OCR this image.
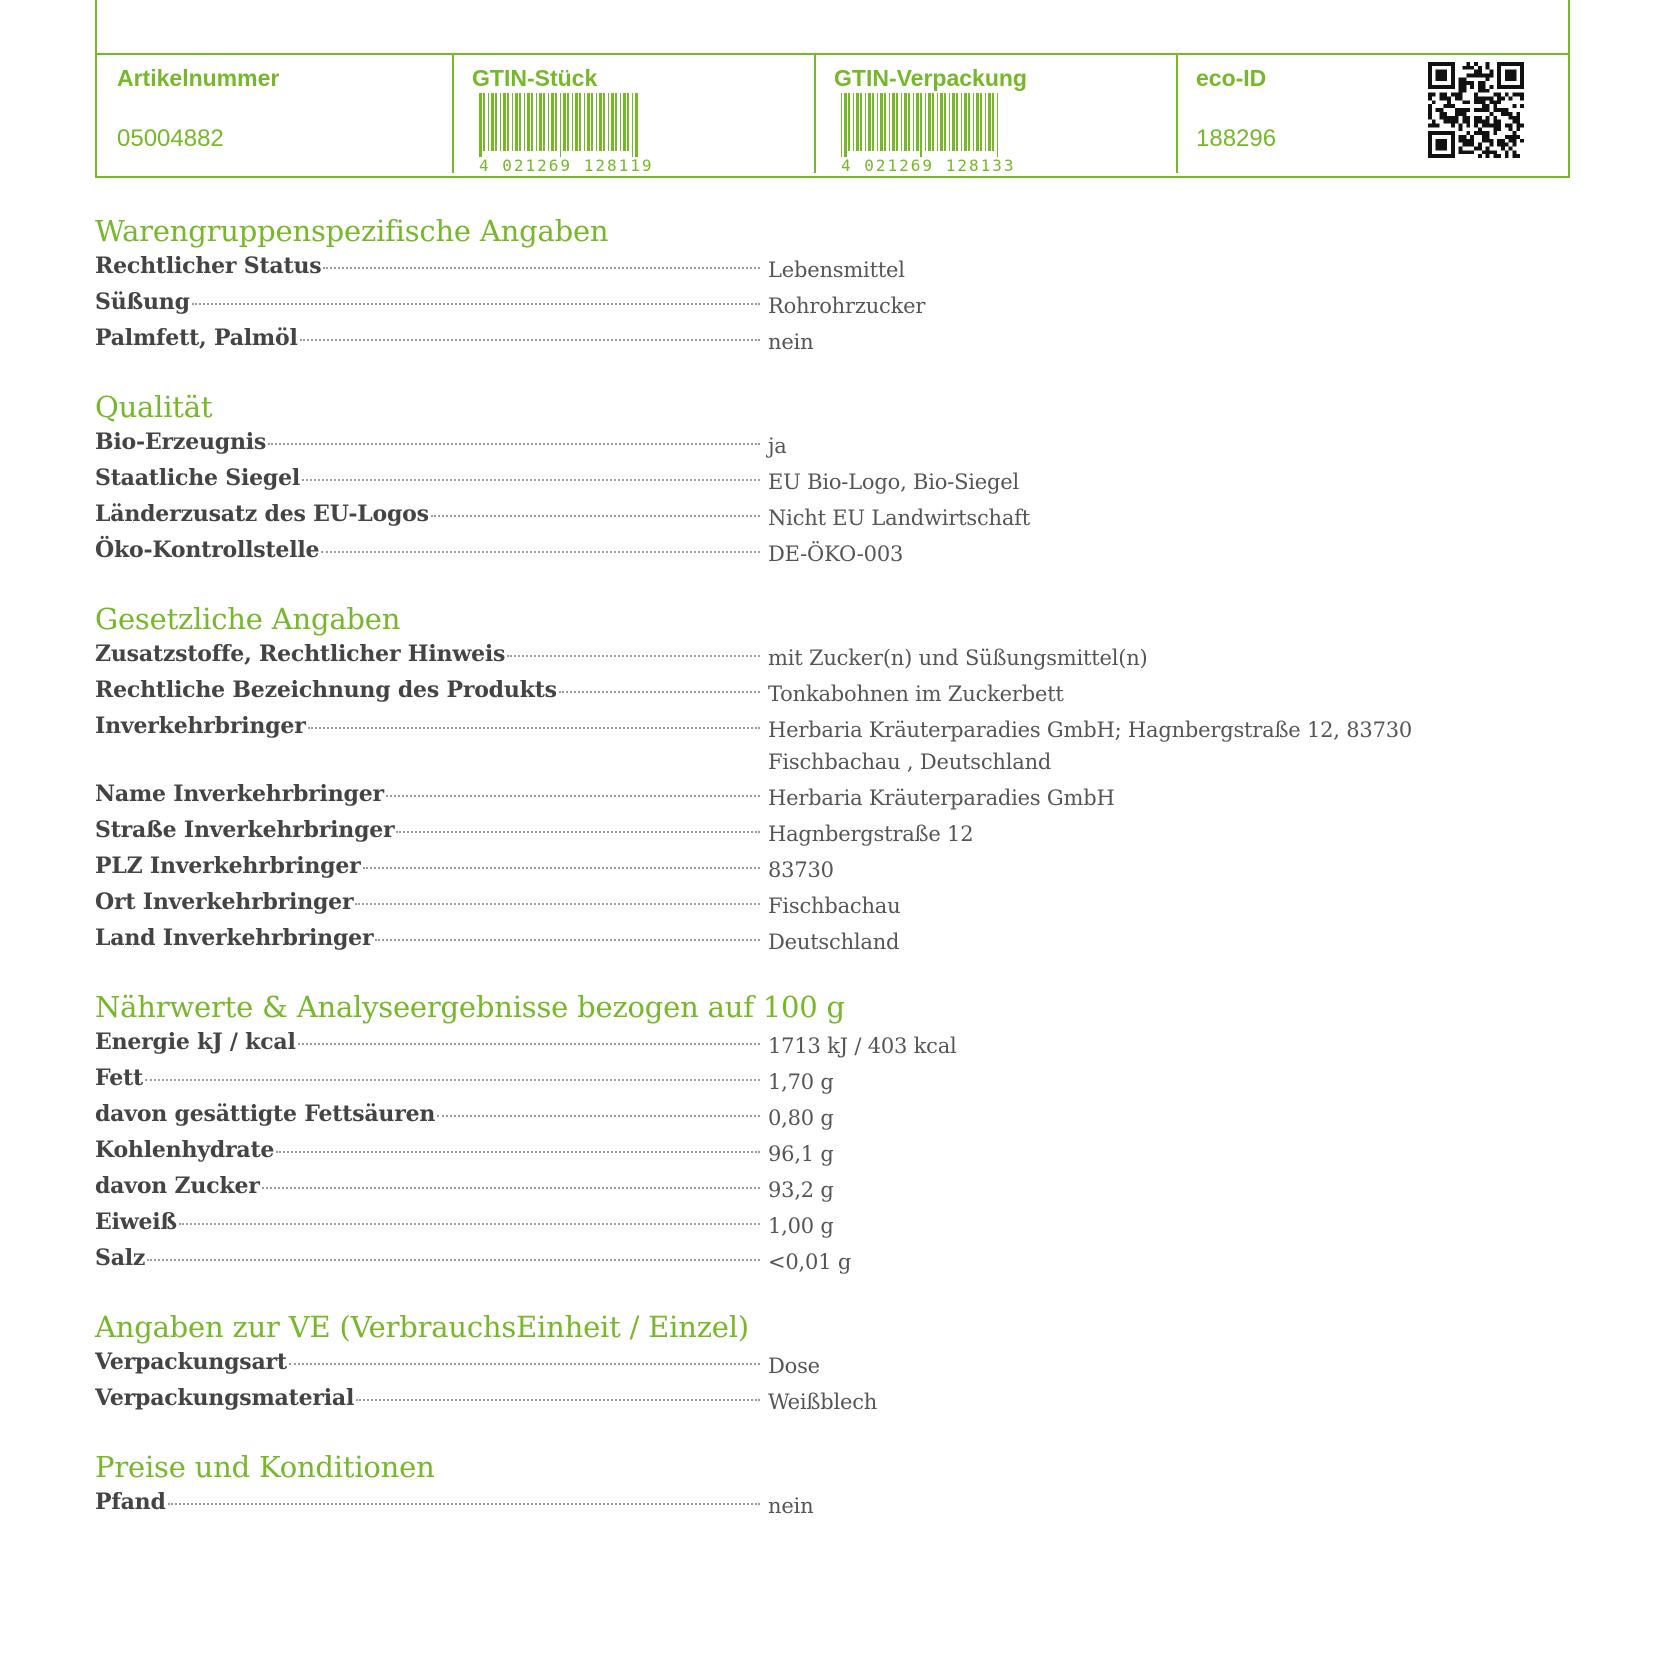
Artikelnummer
05004882
GTIN-Stück
4 021269 128119
GTIN-Verpackung
4 021269 128133
eco-ID
188296
Warengruppenspezifische Angaben
Rechtlicher Status	Lebensmittel
Süßung	Rohrohrzucker
Palmfett, Palmöl	nein
Qualität
Bio-Erzeugnis	ja
Staatliche Siegel	EU Bio-Logo, Bio-Siegel
Länderzusatz des EU-Logos	Nicht EU Landwirtschaft
Öko-Kontrollstelle	DE-ÖKO-003
Gesetzliche Angaben
Zusatzstoffe, Rechtlicher Hinweis	mit Zucker(n) und Süßungsmittel(n)
Rechtliche Bezeichnung des Produkts	Tonkabohnen im Zuckerbett
Inverkehrbringer	Herbaria Kräuterparadies GmbH; Hagnbergstraße 12, 83730 Fischbachau , Deutschland
Name Inverkehrbringer	Herbaria Kräuterparadies GmbH
Straße Inverkehrbringer	Hagnbergstraße 12
PLZ Inverkehrbringer	83730
Ort Inverkehrbringer	Fischbachau
Land Inverkehrbringer	Deutschland
Nährwerte & Analyseergebnisse bezogen auf 100 g
Energie kJ / kcal	1713 kJ / 403 kcal
Fett	1,70 g
davon gesättigte Fettsäuren	0,80 g
Kohlenhydrate	96,1 g
davon Zucker	93,2 g
Eiweiß	1,00 g
Salz	<0,01 g
Angaben zur VE (VerbrauchsEinheit / Einzel)
Verpackungsart	Dose
Verpackungsmaterial	Weißblech
Preise und Konditionen
Pfand	nein
